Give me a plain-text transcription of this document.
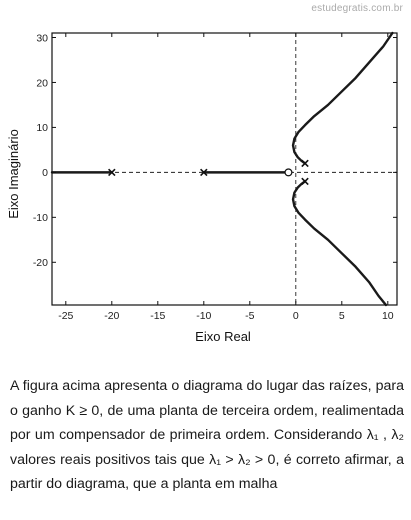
estudegratis.com.br
-25	-20	-15	-10	-5	0	5	10
-20
-10
0
10
20
30
Eixo Real
Eixo Imaginário

A figura acima apresenta o diagrama do lugar das raízes, para o ganho K ≥ 0, de uma planta de terceira ordem, realimentada por um compensador de primeira ordem. Considerando λ₁ , λ₂ valores reais positivos tais que λ₁ > λ₂ > 0, é correto afirmar, a partir do diagrama, que a planta em malha
